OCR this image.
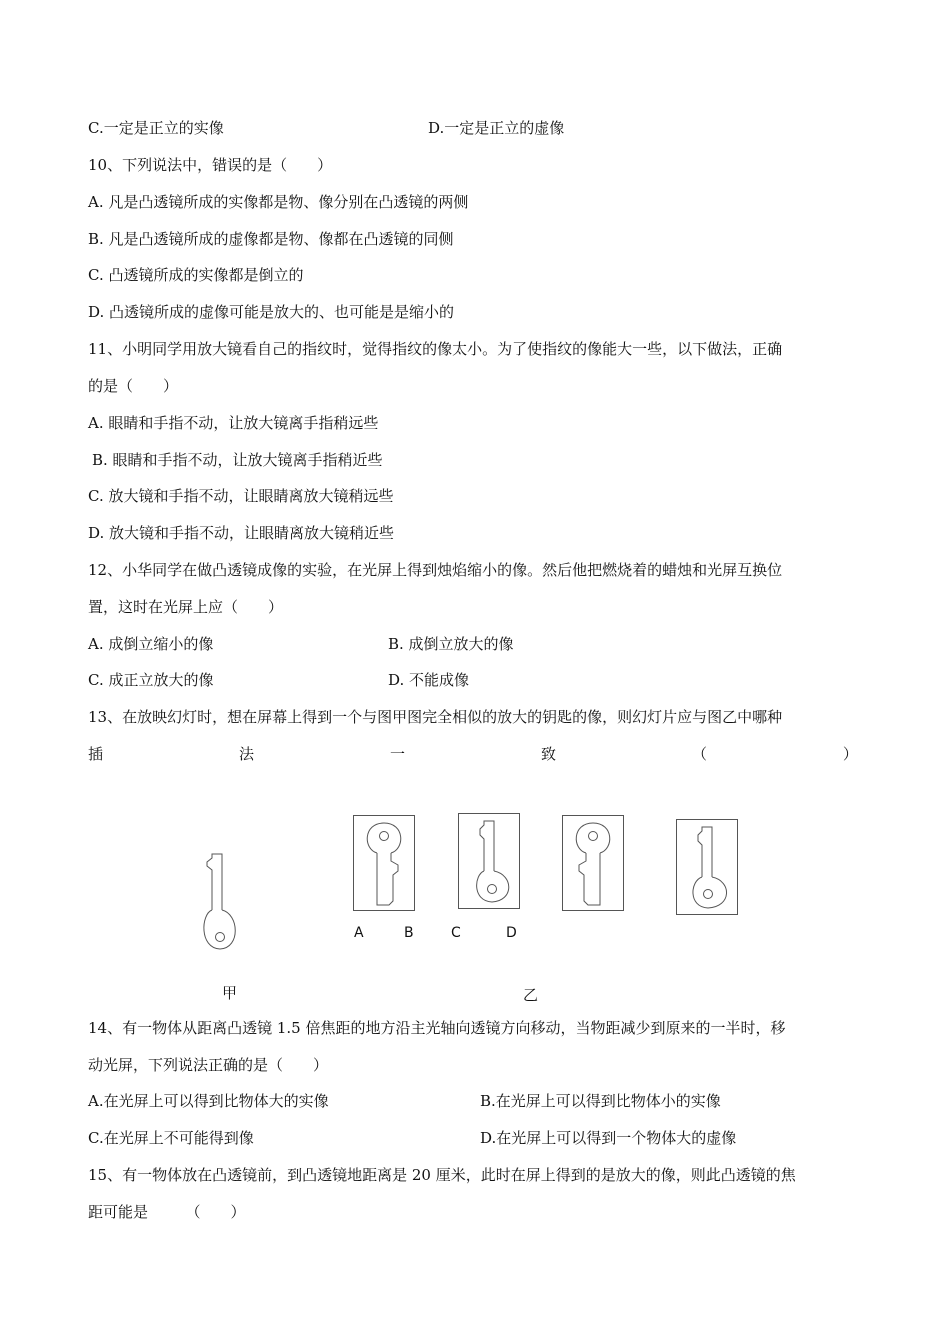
C.一定是正立的实像	D.一定是正立的虚像
10、下列说法中，错误的是（　　）
A. 凡是凸透镜所成的实像都是物、像分别在凸透镜的两侧
B. 凡是凸透镜所成的虚像都是物、像都在凸透镜的同侧
C. 凸透镜所成的实像都是倒立的
D. 凸透镜所成的虚像可能是放大的、也可能是是缩小的
11、小明同学用放大镜看自己的指纹时，觉得指纹的像太小。为了使指纹的像能大一些，以下做法，正确
的是（　　）
A. 眼睛和手指不动，让放大镜离手指稍远些
B. 眼睛和手指不动，让放大镜离手指稍近些
C. 放大镜和手指不动，让眼睛离放大镜稍远些
D. 放大镜和手指不动，让眼睛离放大镜稍近些
12、小华同学在做凸透镜成像的实验，在光屏上得到烛焰缩小的像。然后他把燃烧着的蜡烛和光屏互换位
置，这时在光屏上应（　　）
A. 成倒立缩小的像	B. 成倒立放大的像
C. 成正立放大的像	D. 不能成像
13、在放映幻灯时，想在屏幕上得到一个与图甲图完全相似的放大的钥匙的像，则幻灯片应与图乙中哪种
插	法	一	致	（	）
A	B	C	D
甲	乙
14、有一物体从距离凸透镜 1.5 倍焦距的地方沿主光轴向透镜方向移动，当物距减少到原来的一半时，移
动光屏，下列说法正确的是（　　）
A.在光屏上可以得到比物体大的实像	B.在光屏上可以得到比物体小的实像
C.在光屏上不可能得到像	D.在光屏上可以得到一个物体大的虚像
15、有一物体放在凸透镜前，到凸透镜地距离是 20 厘米，此时在屏上得到的是放大的像，则此凸透镜的焦
距可能是　　　（　　）
